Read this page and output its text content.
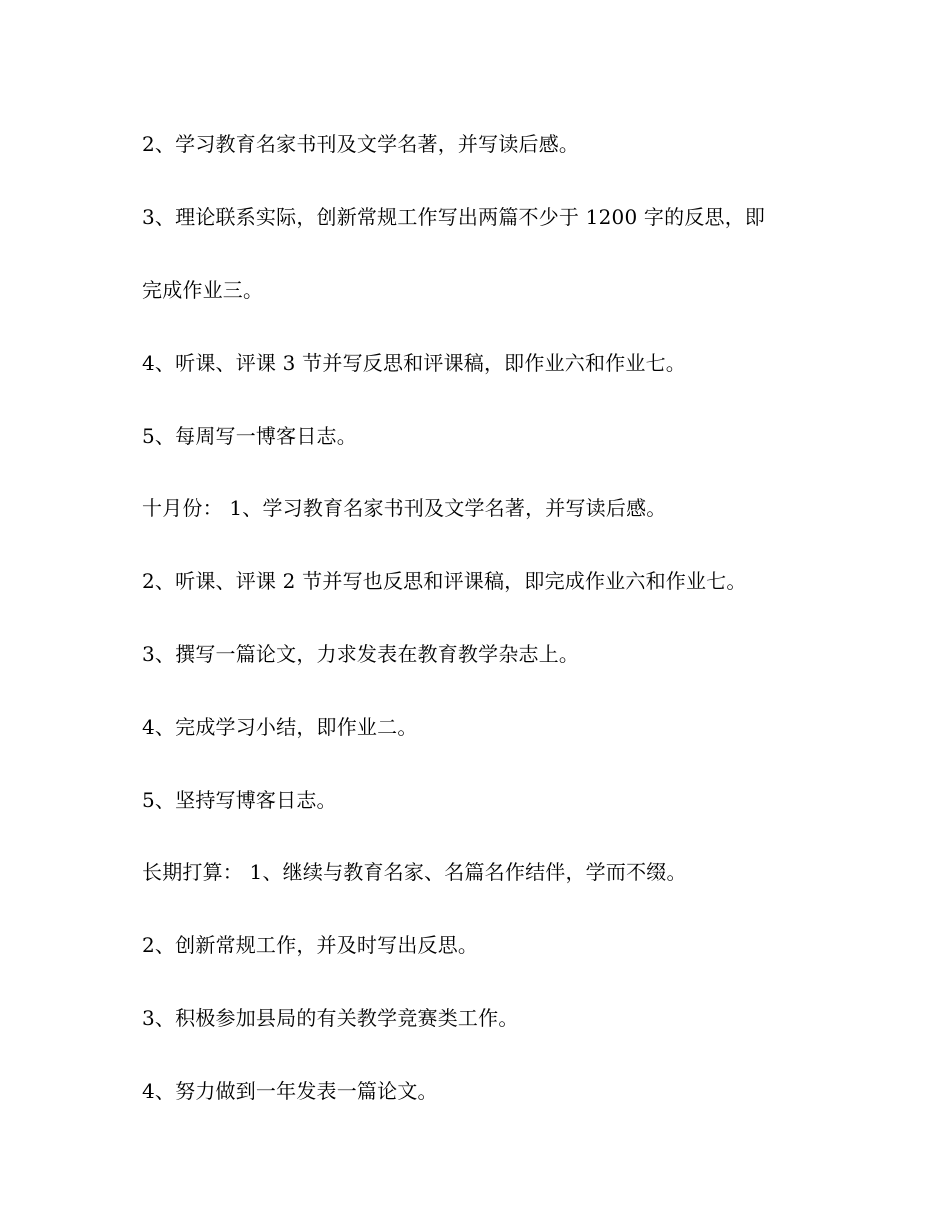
2、学习教育名家书刊及文学名著，并写读后感。
3、理论联系实际，创新常规工作写出两篇不少于 1200 字的反思，即
完成作业三。
4、听课、评课 3 节并写反思和评课稿，即作业六和作业七。
5、每周写一博客日志。
十月份： 1、学习教育名家书刊及文学名著，并写读后感。
2、听课、评课 2 节并写也反思和评课稿，即完成作业六和作业七。
3、撰写一篇论文，力求发表在教育教学杂志上。
4、完成学习小结，即作业二。
5、坚持写博客日志。
长期打算： 1、继续与教育名家、名篇名作结伴，学而不缀。
2、创新常规工作，并及时写出反思。
3、积极参加县局的有关教学竞赛类工作。
4、努力做到一年发表一篇论文。
